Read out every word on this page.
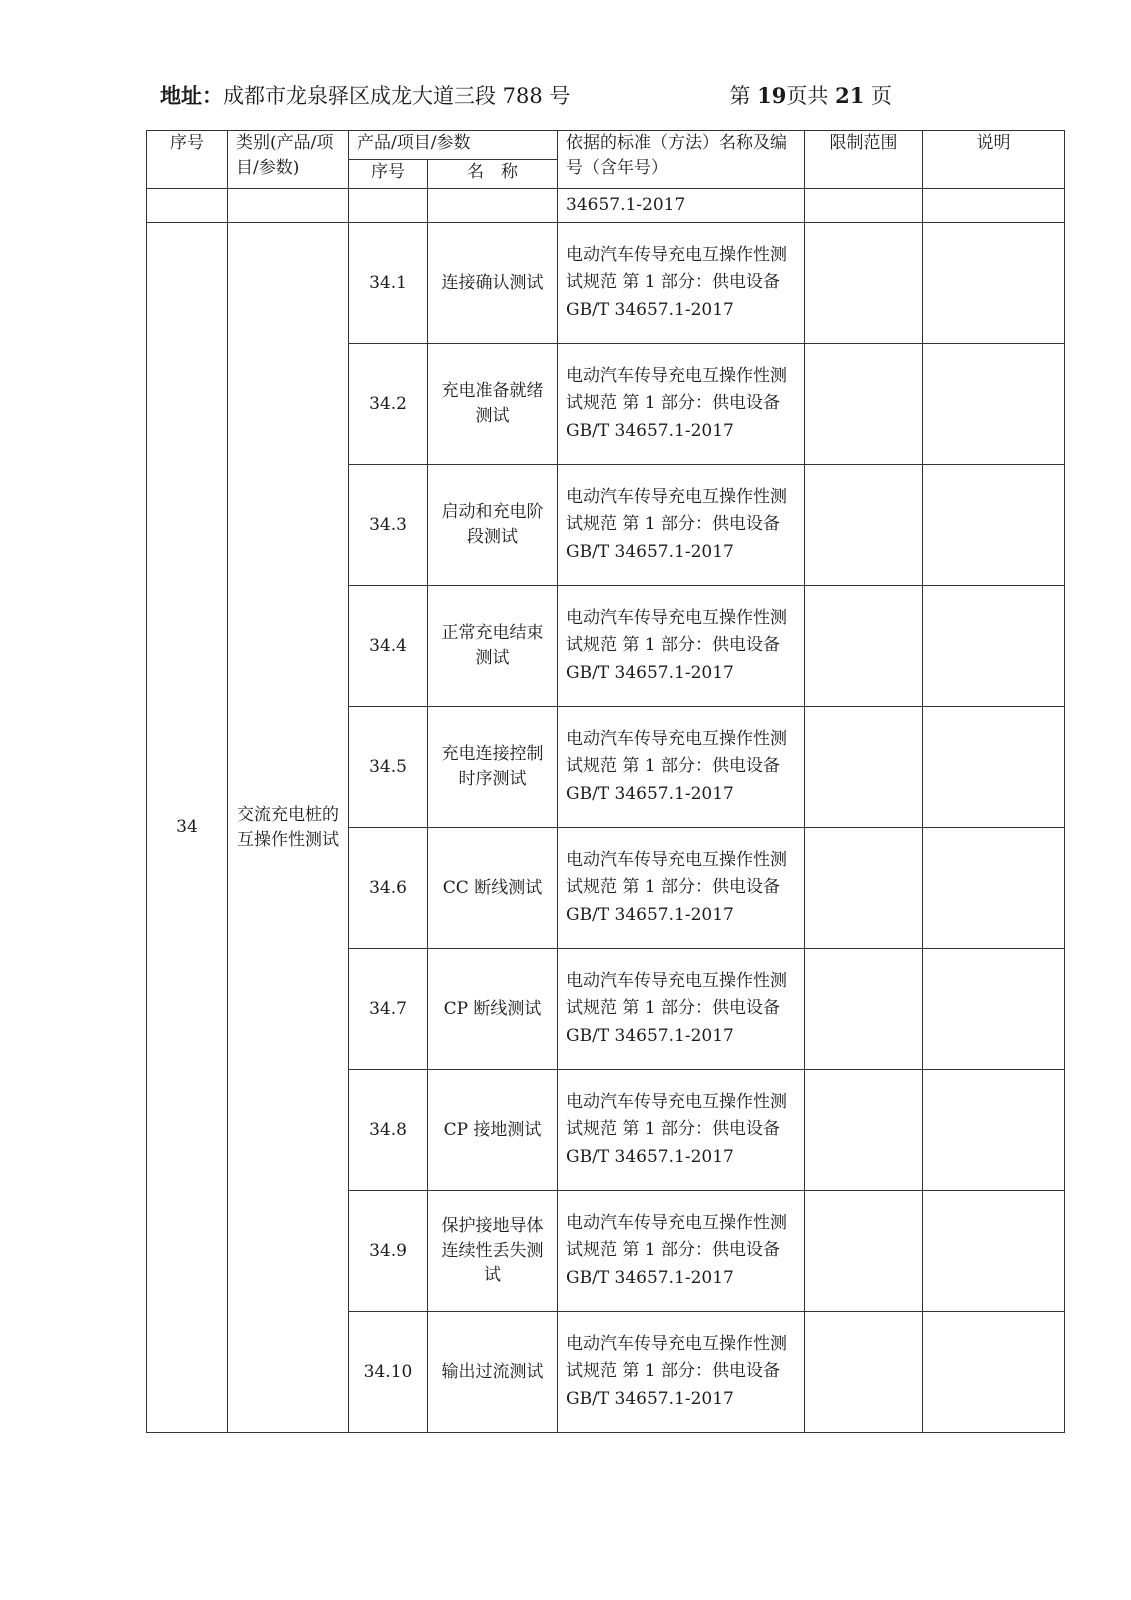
地址：成都市龙泉驿区成龙大道三段 788 号	第 19页共 21 页
序号	类别(产品/项目/参数)	产品/项目/参数		依据的标准（方法）名称及编号（含年号）	限制范围	说明
		序号	名　称			
				34657.1-2017		
34	交流充电桩的互操作性测试	34.1	连接确认测试	电动汽车传导充电互操作性测试规范 第 1 部分：供电设备 GB/T 34657.1-2017		
		34.2	充电准备就绪测试	电动汽车传导充电互操作性测试规范 第 1 部分：供电设备 GB/T 34657.1-2017		
		34.3	启动和充电阶段测试	电动汽车传导充电互操作性测试规范 第 1 部分：供电设备 GB/T 34657.1-2017		
		34.4	正常充电结束测试	电动汽车传导充电互操作性测试规范 第 1 部分：供电设备 GB/T 34657.1-2017		
		34.5	充电连接控制时序测试	电动汽车传导充电互操作性测试规范 第 1 部分：供电设备 GB/T 34657.1-2017		
		34.6	CC 断线测试	电动汽车传导充电互操作性测试规范 第 1 部分：供电设备 GB/T 34657.1-2017		
		34.7	CP 断线测试	电动汽车传导充电互操作性测试规范 第 1 部分：供电设备 GB/T 34657.1-2017		
		34.8	CP 接地测试	电动汽车传导充电互操作性测试规范 第 1 部分：供电设备 GB/T 34657.1-2017		
		34.9	保护接地导体连续性丢失测试	电动汽车传导充电互操作性测试规范 第 1 部分：供电设备 GB/T 34657.1-2017		
		34.10	输出过流测试	电动汽车传导充电互操作性测试规范 第 1 部分：供电设备 GB/T 34657.1-2017		
